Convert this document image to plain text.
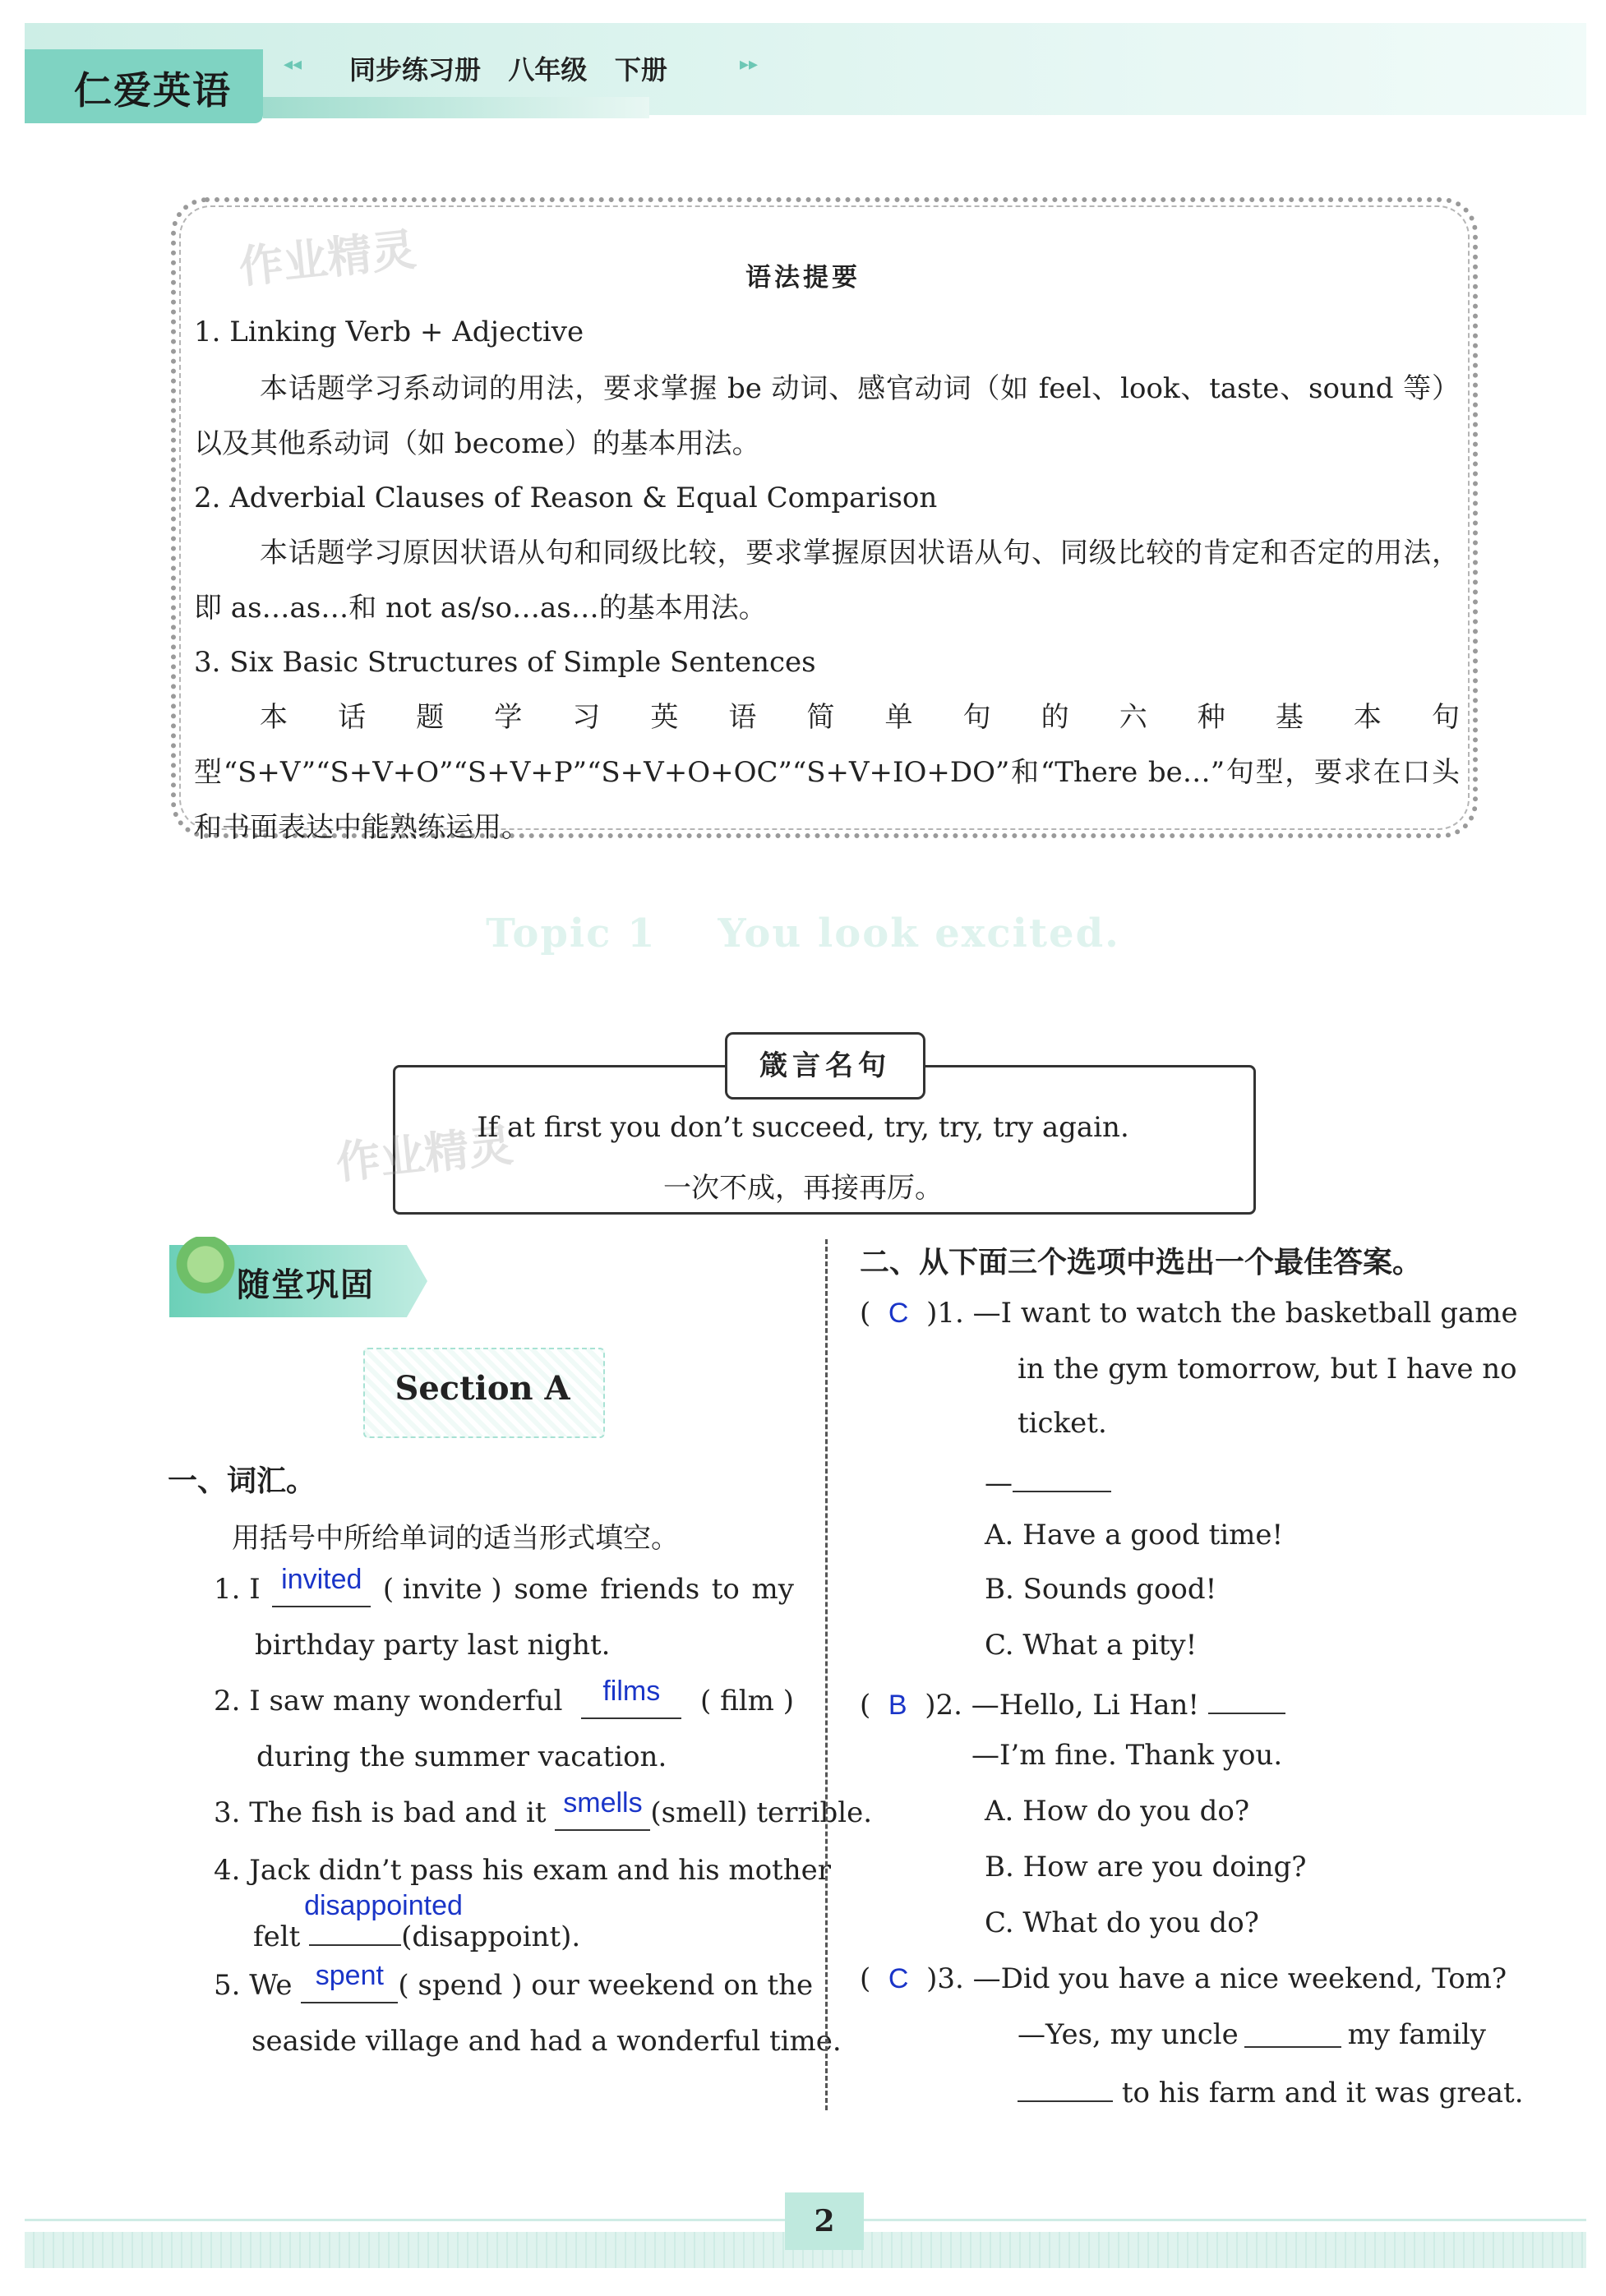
仁爱英语
◂◂ 同步练习册   八年级   下册	▸▸
作业精灵	语法提要
1. Linking Verb + Adjective
本话题学习系动词的用法，要求掌握 be 动词、感官动词（如 feel、look、taste、sound 等）以及其他系动词（如 become）的基本用法。
2. Adverbial Clauses of Reason & Equal Comparison
本话题学习原因状语从句和同级比较，要求掌握原因状语从句、同级比较的肯定和否定的用法，即 as…as…和 not as/so…as…的基本用法。
3. Six Basic Structures of Simple Sentences
本话题学习英语简单句的六种基本句型“S+V”“S+V+O”“S+V+P”“S+V+O+OC”“S+V+IO+DO”和“There be…”句型，要求在口头和书面表达中能熟练运用。
Topic 1    You look excited.
箴言名句
作业精灵
If at first you don’t succeed, try, try, try again.
一次不成，再接再厉。
随堂巩固
Section A
一、词汇。
用括号中所给单词的适当形式填空。
1. I invited ( invite ) some friends to my
birthday party last night.
2. I saw many wonderful	films	( film )
during the summer vacation.
3. The fish is bad and it smells (smell) terrible.
4. Jack didn’t pass his exam and his mother
felt
disappointed
(disappoint).
5. We spent ( spend ) our weekend on the
seaside village and had a wonderful time.
二、从下面三个选项中选出一个最佳答案。
(  C )1. —I want to watch the basketball game
in the gym tomorrow, but I have no
ticket.
—
A. Have a good time!
B. Sounds good!
C. What a pity!
(  B )2. —Hello, Li Han!
—I’m fine. Thank you.
A. How do you do?
B. How are you doing?
C. What do you do?
(  C )3. —Did you have a nice weekend, Tom?
—Yes, my uncle	my family
to his farm and it was great.
2
